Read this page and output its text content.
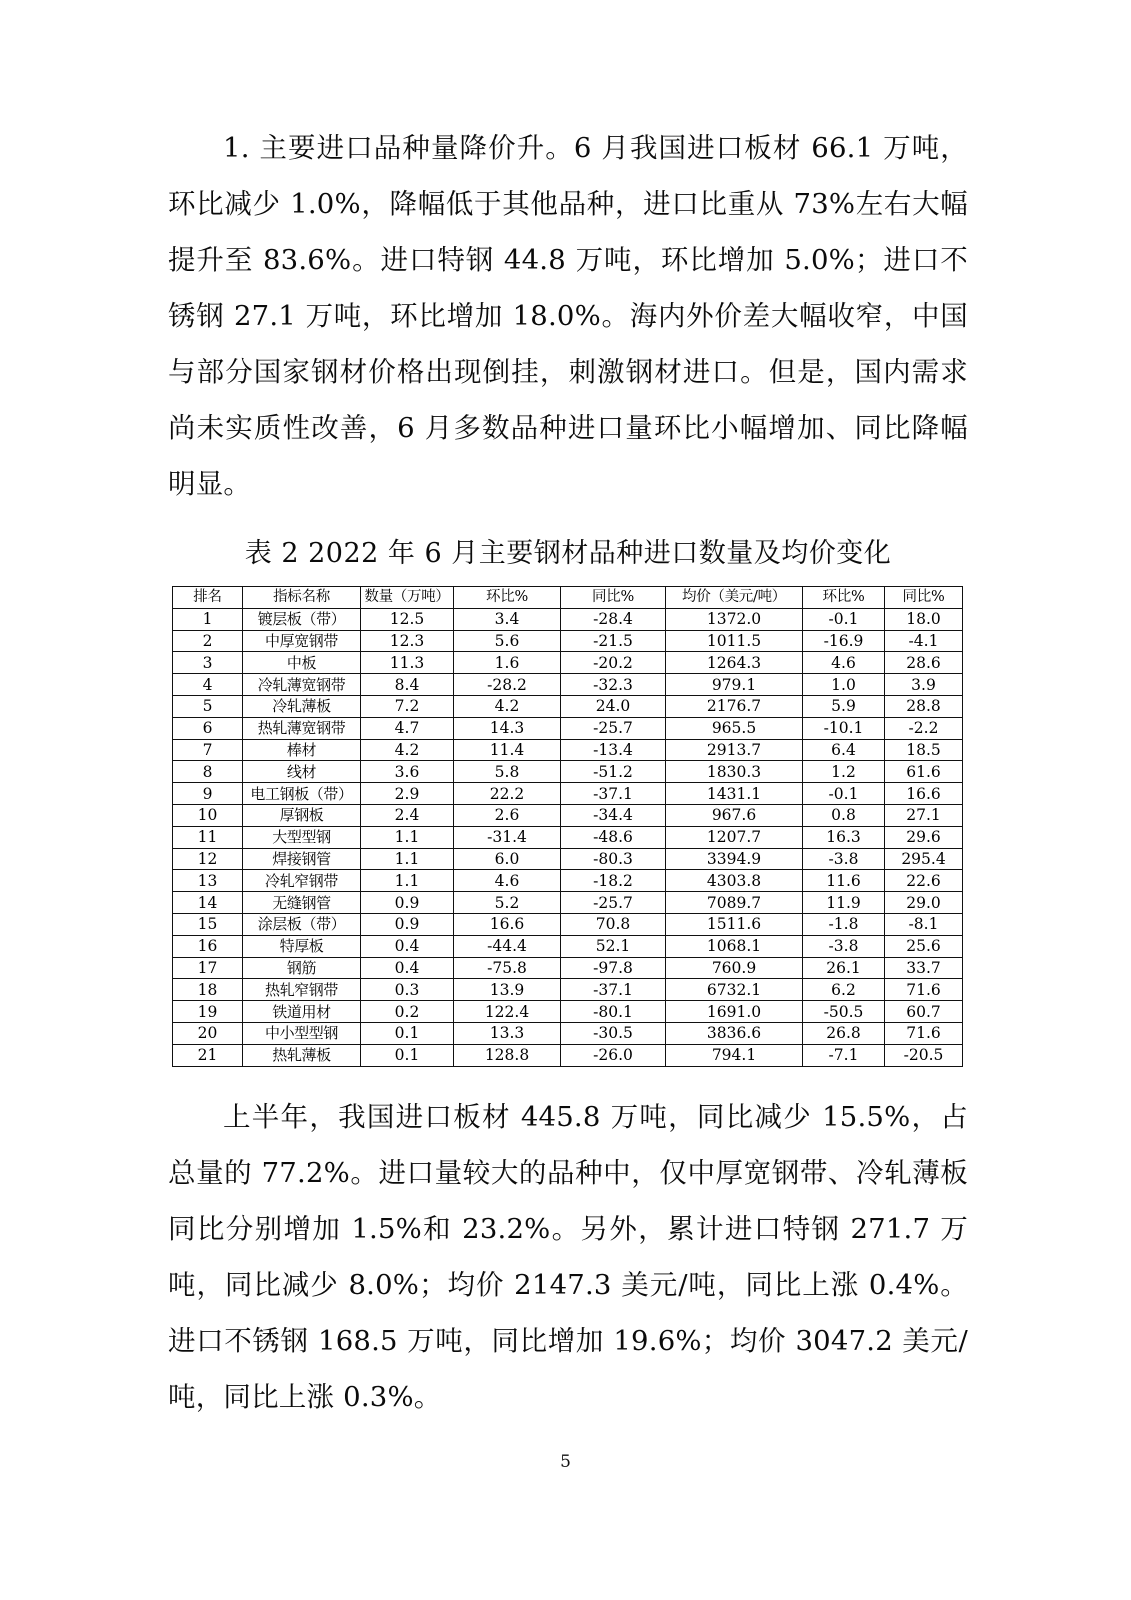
1. 主要进口品种量降价升。6 月我国进口板材 66.1 万吨，环比减少 1.0%，降幅低于其他品种，进口比重从 73%左右大幅提升至 83.6%。进口特钢 44.8 万吨，环比增加 5.0%；进口不锈钢 27.1 万吨，环比增加 18.0%。海内外价差大幅收窄，中国与部分国家钢材价格出现倒挂，刺激钢材进口。但是，国内需求尚未实质性改善，6 月多数品种进口量环比小幅增加、同比降幅明显。

表 2 2022 年 6 月主要钢材品种进口数量及均价变化

排名	指标名称	数量（万吨）	环比%	同比%	均价（美元/吨）	环比%	同比%
1	镀层板（带）	12.5	3.4	-28.4	1372.0	-0.1	18.0
2	中厚宽钢带	12.3	5.6	-21.5	1011.5	-16.9	-4.1
3	中板	11.3	1.6	-20.2	1264.3	4.6	28.6
4	冷轧薄宽钢带	8.4	-28.2	-32.3	979.1	1.0	3.9
5	冷轧薄板	7.2	4.2	24.0	2176.7	5.9	28.8
6	热轧薄宽钢带	4.7	14.3	-25.7	965.5	-10.1	-2.2
7	棒材	4.2	11.4	-13.4	2913.7	6.4	18.5
8	线材	3.6	5.8	-51.2	1830.3	1.2	61.6
9	电工钢板（带）	2.9	22.2	-37.1	1431.1	-0.1	16.6
10	厚钢板	2.4	2.6	-34.4	967.6	0.8	27.1
11	大型型钢	1.1	-31.4	-48.6	1207.7	16.3	29.6
12	焊接钢管	1.1	6.0	-80.3	3394.9	-3.8	295.4
13	冷轧窄钢带	1.1	4.6	-18.2	4303.8	11.6	22.6
14	无缝钢管	0.9	5.2	-25.7	7089.7	11.9	29.0
15	涂层板（带）	0.9	16.6	70.8	1511.6	-1.8	-8.1
16	特厚板	0.4	-44.4	52.1	1068.1	-3.8	25.6
17	钢筋	0.4	-75.8	-97.8	760.9	26.1	33.7
18	热轧窄钢带	0.3	13.9	-37.1	6732.1	6.2	71.6
19	铁道用材	0.2	122.4	-80.1	1691.0	-50.5	60.7
20	中小型型钢	0.1	13.3	-30.5	3836.6	26.8	71.6
21	热轧薄板	0.1	128.8	-26.0	794.1	-7.1	-20.5

上半年，我国进口板材 445.8 万吨，同比减少 15.5%，占总量的 77.2%。进口量较大的品种中，仅中厚宽钢带、冷轧薄板同比分别增加 1.5%和 23.2%。另外，累计进口特钢 271.7 万吨，同比减少 8.0%；均价 2147.3 美元/吨，同比上涨 0.4%。进口不锈钢 168.5 万吨，同比增加 19.6%；均价 3047.2 美元/吨，同比上涨 0.3%。

5
